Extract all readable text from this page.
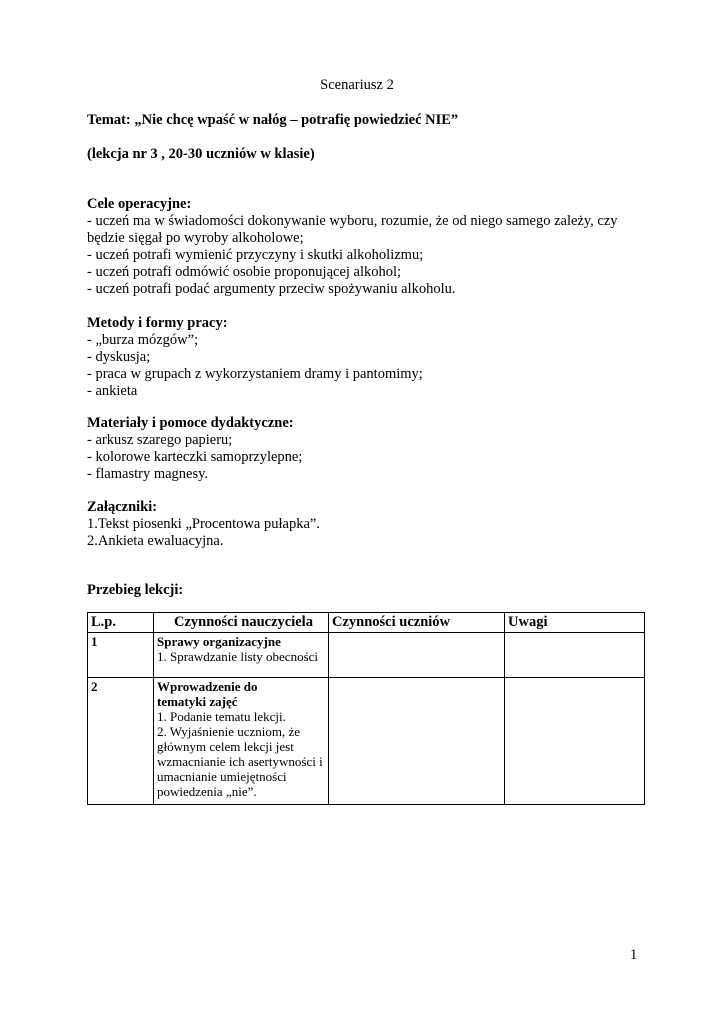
Scenariusz 2
Temat: „Nie chcę wpaść w nałóg – potrafię powiedzieć NIE”
(lekcja nr 3 , 20-30 uczniów w klasie)
Cele operacyjne:
- uczeń ma w świadomości dokonywanie wyboru, rozumie, że od niego samego zależy, czy będzie sięgał po wyroby alkoholowe;
- uczeń potrafi wymienić przyczyny i skutki alkoholizmu;
- uczeń potrafi odmówić osobie proponującej alkohol;
- uczeń potrafi podać argumenty przeciw spożywaniu alkoholu.
Metody i formy pracy:
- „burza mózgów”;
- dyskusja;
- praca w grupach z wykorzystaniem dramy i pantomimy;
- ankieta
Materiały i pomoce dydaktyczne:
- arkusz szarego papieru;
- kolorowe karteczki samoprzylepne;
- flamastry magnesy.
Załączniki:
1.Tekst piosenki „Procentowa pułapka”.
2.Ankieta ewaluacyjna.
Przebieg lekcji:
L.p.	Czynności nauczyciela	Czynności uczniów	Uwagi
1	Sprawy organizacyjne
1. Sprawdzanie listy obecności		

2	Wprowadzenie do tematyki zajęć
1. Podanie tematu lekcji.
2. Wyjaśnienie uczniom, że głównym celem lekcji jest wzmacnianie ich asertywności i umacnianie umiejętności powiedzenia „nie”.		

1
